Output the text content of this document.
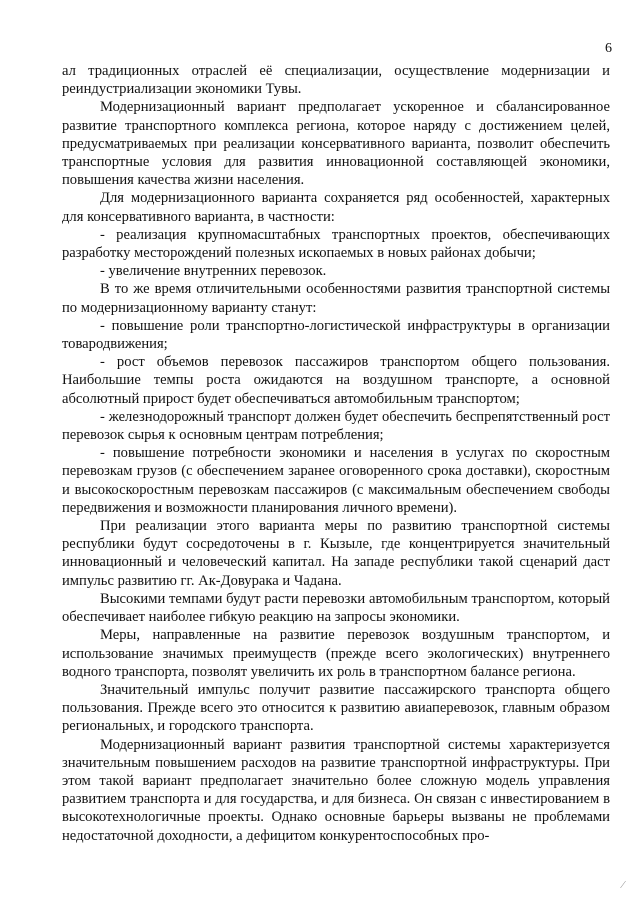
6

ал традиционных отраслей её специализации, осуществление модернизации и реиндустриализации экономики Тувы.

Модернизационный вариант предполагает ускоренное и сбалансированное развитие транспортного комплекса региона, которое наряду с достижением целей, предусматриваемых при реализации консервативного варианта, позволит обеспечить транспортные условия для развития инновационной составляющей экономики, повышения качества жизни населения.

Для модернизационного варианта сохраняется ряд особенностей, характерных для консервативного варианта, в частности:

- реализация крупномасштабных транспортных проектов, обеспечивающих разработку месторождений полезных ископаемых в новых районах добычи;

- увеличение внутренних перевозок.

В то же время отличительными особенностями развития транспортной системы по модернизационному варианту станут:

- повышение роли транспортно-логистической инфраструктуры в организации товародвижения;

- рост объемов перевозок пассажиров транспортом общего пользования. Наибольшие темпы роста ожидаются на воздушном транспорте, а основной абсолютный прирост будет обеспечиваться автомобильным транспортом;

- железнодорожный транспорт должен будет обеспечить беспрепятственный рост перевозок сырья к основным центрам потребления;

- повышение потребности экономики и населения в услугах по скоростным перевозкам грузов (с обеспечением заранее оговоренного срока доставки), скоростным и высокоскоростным перевозкам пассажиров (с максимальным обеспечением свободы передвижения и возможности планирования личного времени).

При реализации этого варианта меры по развитию транспортной системы республики будут сосредоточены в г. Кызыле, где концентрируется значительный инновационный и человеческий капитал. На западе республики такой сценарий даст импульс развитию гг. Ак-Довурака и Чадана.

Высокими темпами будут расти перевозки автомобильным транспортом, который обеспечивает наиболее гибкую реакцию на запросы экономики.

Меры, направленные на развитие перевозок воздушным транспортом, и использование значимых преимуществ (прежде всего экологических) внутреннего водного транспорта, позволят увеличить их роль в транспортном балансе региона.

Значительный импульс получит развитие пассажирского транспорта общего пользования. Прежде всего это относится к развитию авиаперевозок, главным образом региональных, и городского транспорта.

Модернизационный вариант развития транспортной системы характеризуется значительным повышением расходов на развитие транспортной инфраструктуры. При этом такой вариант предполагает значительно более сложную модель управления развитием транспорта и для государства, и для бизнеса. Он связан с инвестированием в высокотехнологичные проекты. Однако основные барьеры вызваны не проблемами недостаточной доходности, а дефицитом конкурентоспособных про-

⁄
